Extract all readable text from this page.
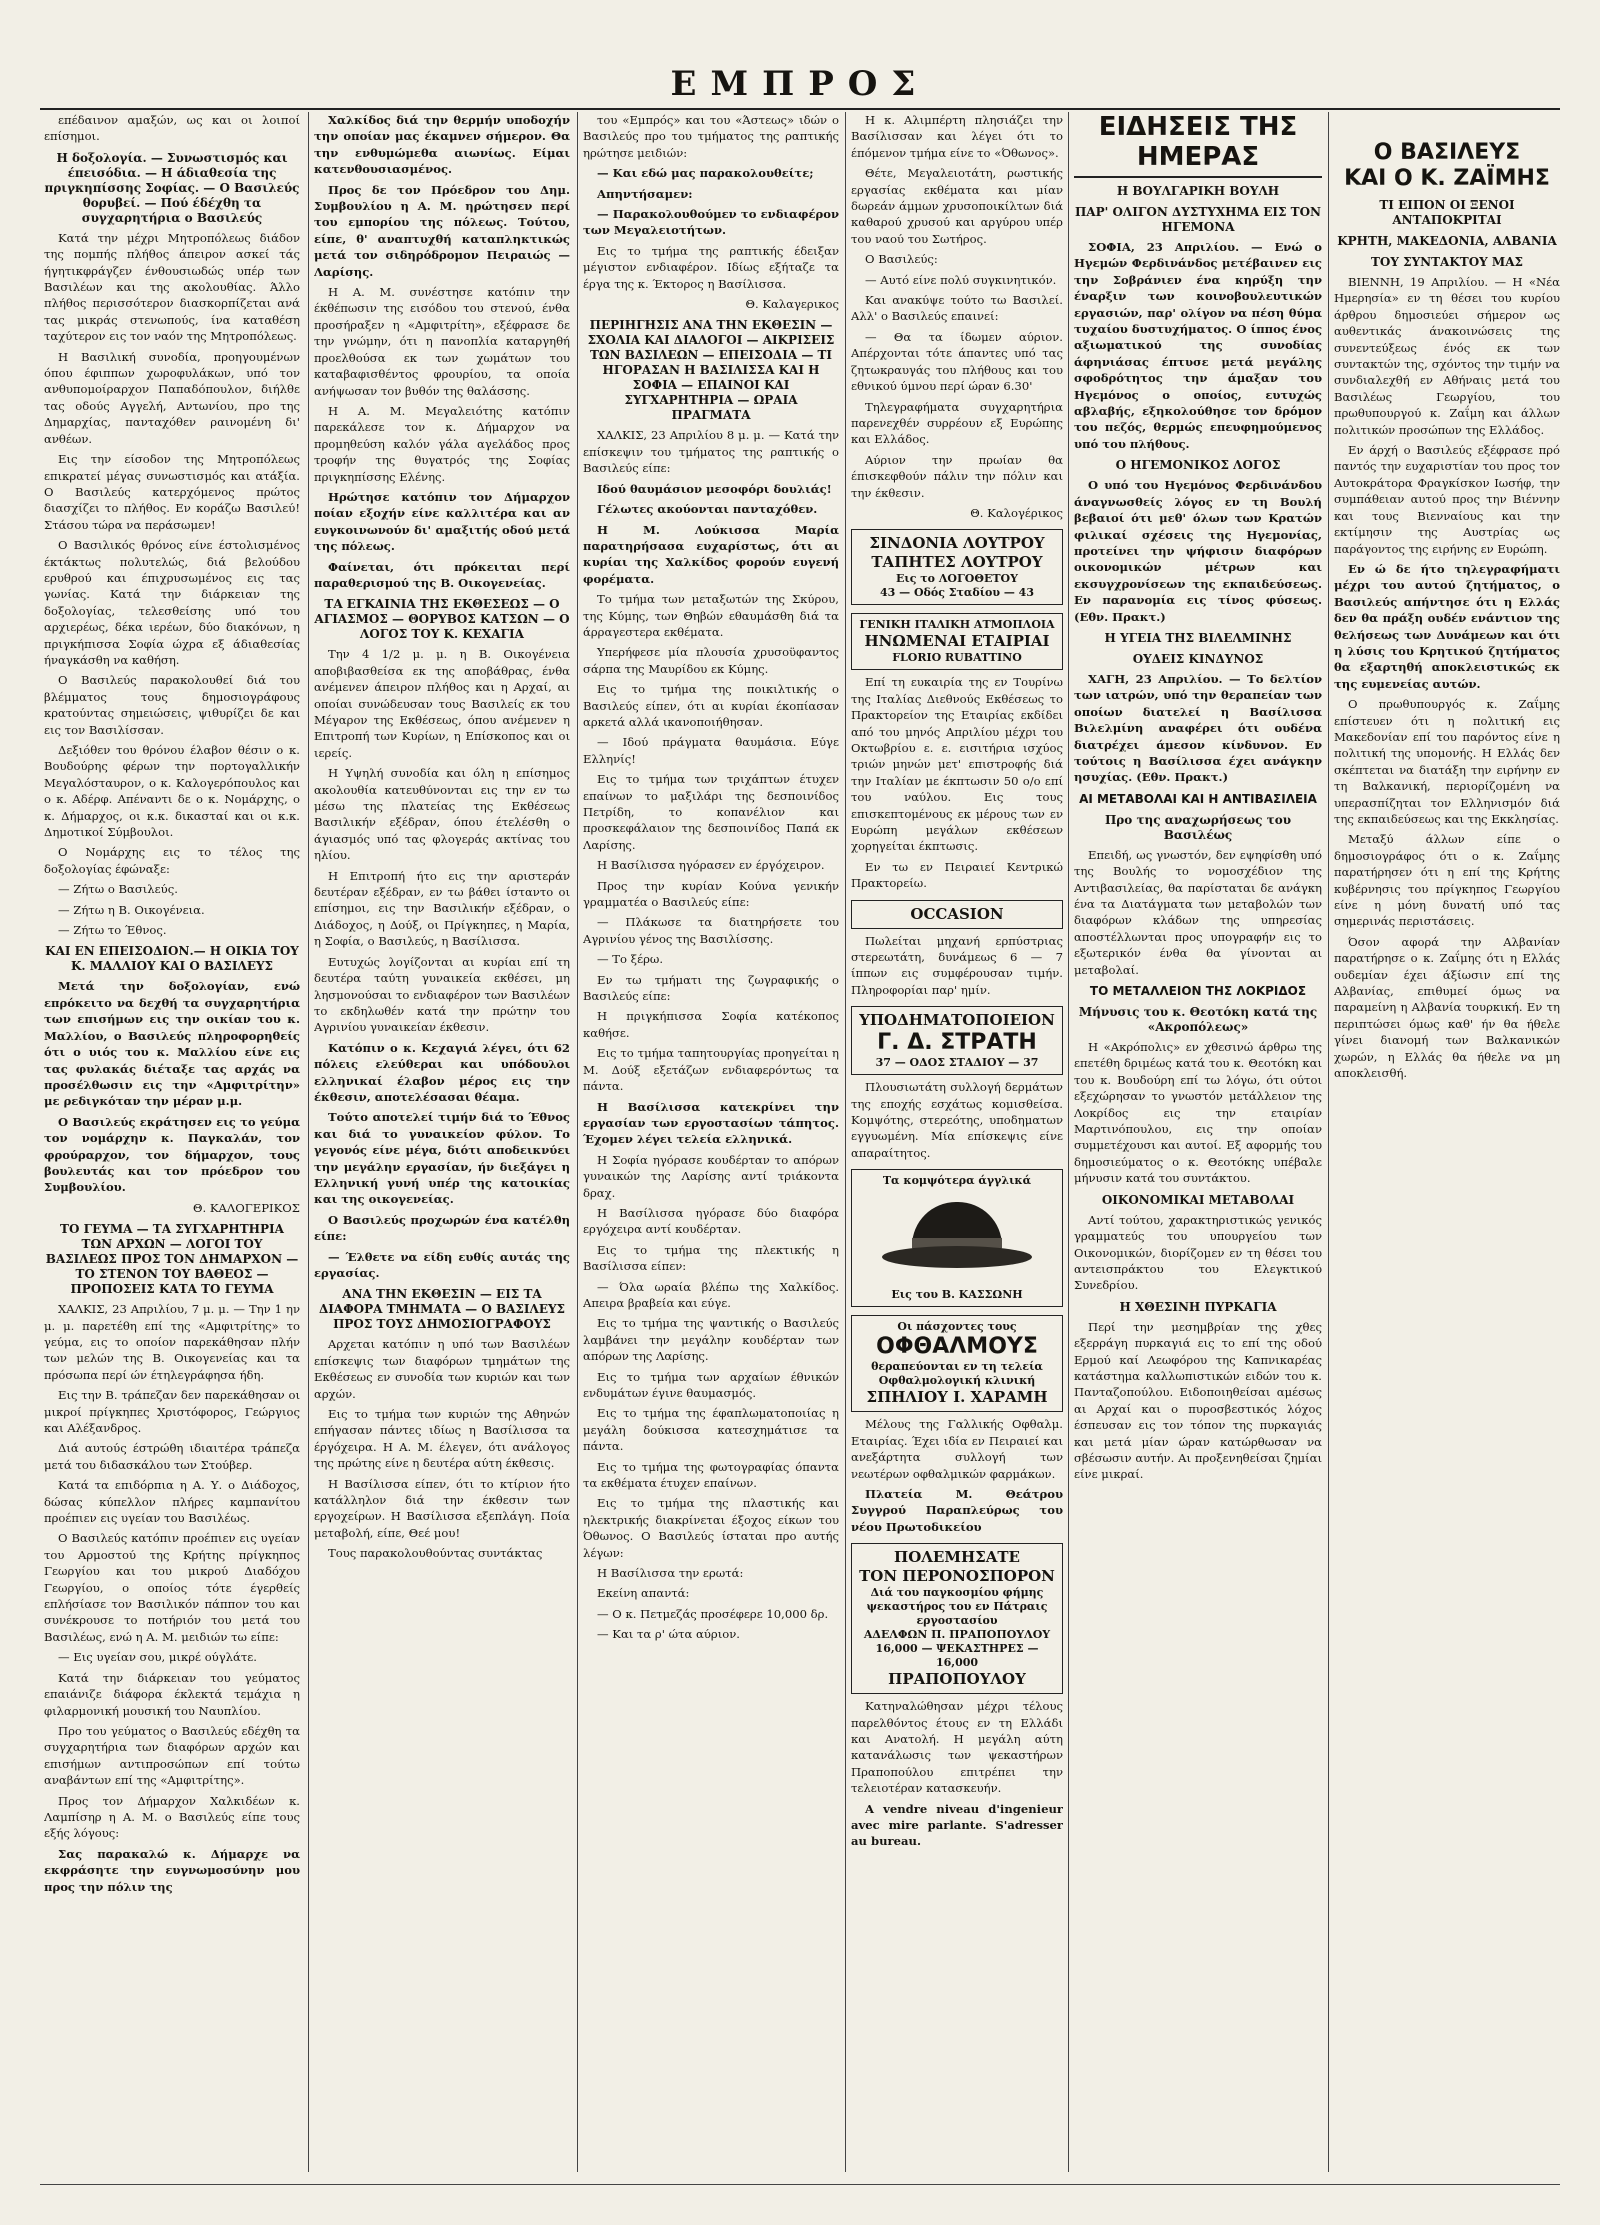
ΕΜΠΡΟΣ

επέδαινον αμαξών, ως και οι λοιποί επίσημοι.

Η δοξολογία. — Συνωστισμός και έπεισόδια. — Η άδιαθεσία της πριγκηπίσσης Σοφίας. — Ο Βασιλεύς θορυβεί. — Πού έδέχθη τα συγχαρητήρια ο Βασιλεύς

Κατά την μέχρι Μητροπόλεως διάδον της πομπής πλήθος άπειρον ασκεί τάς ήγητικφράγζεν ένθουσιωδώς υπέρ των Βασιλέων και της ακολουθίας. Άλλο πλήθος περισσότερον διασκορπίζεται ανά τας μικράς στενωπούς, ίνα καταθέση ταχύτερον εις τον ναόν της Μητροπόλεως.

Η Βασιλική συνοδία, προηγουμένων όπου έφιππων χωροφυλάκων, υπό τον ανθυπομοίραρχον Παπαδόπουλον, διήλθε τας οδούς Αγγελή, Αντωνίου, προ της Δημαρχίας, πανταχόθεν ραινομένη δι' ανθέων.

Εις την είσοδον της Μητροπόλεως επικρατεί μέγας συνωστισμός και ατάξία. Ο Βασιλεύς κατερχόμενος πρώτος διασχίζει το πλήθος. Εν κοράζω Βασιλεύ! Στάσου τώρα να περάσωμεν!

Ο Βασιλικός θρόνος είνε έστολισμένος έκτάκτως πολυτελώς, διά βελούδου ερυθρού και έπιχρυσωμένος εις τας γωνίας. Κατά την διάρκειαν της δοξολογίας, τελεσθείσης υπό του αρχιερέως, δέκα ιερέων, δύο διακόνων, η πριγκήπισσα Σοφία ώχρα εξ άδιαθεσίας ήναγκάσθη να καθήση.

Ο Βασιλεύς παρακολουθεί διά του βλέμματος τους δημοσιογράφους κρατούντας σημειώσεις, ψιθυρίζει δε και εις τον Βασιλίσσαν.

Δεξιόθεν του θρόνου έλαβον θέσιν ο κ. Βουδούρης φέρων την πορτογαλλικήν Μεγαλόσταυρον, ο κ. Καλογερόπουλος και ο κ. Αδέρφ. Απέναντι δε ο κ. Νομάρχης, ο κ. Δήμαρχος, οι κ.κ. δικασταί και οι κ.κ. Δημοτικοί Σύμβουλοι.

Ο Νομάρχης εις το τέλος της δοξολογίας έφώναξε:

— Ζήτω ο Βασιλεύς.

— Ζήτω η Β. Οικογένεια.

— Ζήτω το Έθνος.

ΚΑΙ ΕΝ ΕΠΕΙΣΟΔΙΟΝ.— Η ΟΙΚΙΑ ΤΟΥ Κ. ΜΑΛΛΙΟΥ ΚΑΙ Ο ΒΑΣΙΛΕΥΣ

Μετά την δοξολογίαν, ενώ επρόκειτο να δεχθή τα συγχαρητήρια των επισήμων εις την οικίαν του κ. Μαλλίου, ο Βασιλεύς πληροφορηθείς ότι ο υιός του κ. Μαλλίου είνε εις τας φυλακάς διέταξε τας αρχάς να προσέλθωσιν εις την «Αμφιτρίτην» με ρεδιγκόταν την μέραν μ.μ.

Ο Βασιλεύς εκράτησεν εις το γεύμα τον νομάρχην κ. Παγκαλάν, τον φρούραρχον, τον δήμαρχον, τους βουλευτάς και τον πρόεδρον του Συμβουλίου.

Θ. ΚΑΛΟΓΕΡΙΚΟΣ

ΤΟ ΓΕΥΜΑ — ΤΑ ΣΥΓΧΑΡΗΤΗΡΙΑ ΤΩΝ ΑΡΧΩΝ — ΛΟΓΟΙ ΤΟΥ ΒΑΣΙΛΕΩΣ ΠΡΟΣ ΤΟΝ ΔΗΜΑΡΧΟΝ — ΤΟ ΣΤΕΝΟΝ ΤΟΥ ΒΑΘΕΟΣ — ΠΡΟΠΟΣΕΙΣ ΚΑΤΑ ΤΟ ΓΕΥΜΑ

ΧΑΛΚΙΣ, 23 Απριλίου, 7 μ. μ. — Την 1 ην μ. μ. παρετέθη επί της «Αμφιτρίτης» το γεύμα, εις το οποίον παρεκάθησαν πλήν των μελών της Β. Οικογενείας και τα πρόσωπα περί ών έτηλεγράφησα ήδη.

Εις την Β. τράπεζαν δεν παρεκάθησαν οι μικροί πρίγκηπες Χριστόφορος, Γεώργιος και Αλέξανδρος.

Διά αυτούς έστρώθη ιδιαιτέρα τράπεζα μετά του διδασκάλου των Στούβερ.

Κατά τα επιδόρπια η Α. Υ. ο Διάδοχος, δώσας κύπελλον πλήρες καμπανίτου προέπιεν εις υγείαν του Βασιλέως.

Ο Βασιλεύς κατόπιν προέπιεν εις υγείαν του Αρμοστού της Κρήτης πρίγκηπος Γεωργίου και του μικρού Διαδόχου Γεωργίου, ο οποίος τότε έγερθείς επλήσίασε τον Βασιλικόν πάππον του και συνέκρουσε το ποτήριόν του μετά του Βασιλέως, ενώ η Α. Μ. μειδιών τω είπε:

— Εις υγείαν σου, μικρέ ούγλάτε.

Κατά την διάρκειαν του γεύματος επαιάνιζε διάφορα έκλεκτά τεμάχια η φιλαρμονική μουσική του Ναυπλίου.

Προ του γεύματος ο Βασιλεύς εδέχθη τα συγχαρητήρια των διαφόρων αρχών και επισήμων αντιπροσώπων επί τούτω αναβάντων επί της «Αμφιτρίτης».

Προς τον Δήμαρχον Χαλκιδέων κ. Λαμπίσηρ η Α. Μ. ο Βασιλεύς είπε τους εξής λόγους:

Σας παρακαλώ κ. Δήμαρχε να εκφράσητε την ευγνωμοσύνην μου προς την πόλιν της

Χαλκίδος διά την θερμήν υποδοχήν την οποίαν μας έκαμνεν σήμερον. Θα την ενθυμώμεθα αιωνίως. Είμαι κατενθουσιασμένος.

Προς δε τον Πρόεδρον του Δημ. Συμβουλίου η Α. Μ. ηρώτησεν περί του εμπορίου της πόλεως. Τούτου, είπε, θ' αναπτυχθή καταπληκτικώς μετά τον σιδηρόδρομον Πειραιώς — Λαρίσης.

Η Α. Μ. συνέστησε κατόπιν την έκθέπωσιν της εισόδου του στενού, ένθα προσήραξεν η «Αμφιτρίτη», εξέφρασε δε την γνώμην, ότι η πανοπλία καταργηθή προελθούσα εκ των χωμάτων του καταβαφισθέντος φρουρίου, τα οποία ανήψωσαν τον βυθόν της θαλάσσης.

Η Α. Μ. Μεγαλειότης κατόπιν παρεκάλεσε τον κ. Δήμαρχον να προμηθεύση καλόν γάλα αγελάδος προς τροφήν της θυγατρός της Σοφίας πριγκηπίσσης Ελένης.

Ηρώτησε κατόπιν τον Δήμαρχον ποίαν εξοχήν είνε καλλιτέρα και αν ευγκοινωνούν δι' αμαξιτής οδού μετά της πόλεως.

Φαίνεται, ότι πρόκειται περί παραθερισμού της Β. Οικογενείας.

ΤΑ ΕΓΚΑΙΝΙΑ ΤΗΣ ΕΚΘΕΣΕΩΣ — Ο ΑΓΙΑΣΜΟΣ — ΘΟΡΥΒΟΣ ΚΑΤΣΩΝ — Ο ΛΟΓΟΣ ΤΟΥ Κ. ΚΕΧΑΓΙΑ

Την 4 1/2 μ. μ. η Β. Οικογένεια αποβιβασθείσα εκ της αποβάθρας, ένθα ανέμενεν άπειρον πλήθος και η Αρχαί, αι οποίαι συνώδευσαν τους Βασιλείς εκ του Μέγαρον της Εκθέσεως, όπου ανέμενεν η Επιτροπή των Κυρίων, η Επίσκοπος και οι ιερείς.

Η Υψηλή συνοδία και όλη η επίσημος ακολουθία κατευθύνονται εις την εν τω μέσω της πλατείας της Εκθέσεως Βασιλικήν εξέδραν, όπου έτελέσθη ο άγιασμός υπό τας φλογεράς ακτίνας του ηλίου.

Η Επιτροπή ήτο εις την αριστεράν δευτέραν εξέδραν, εν τω βάθει ίσταντο οι επίσημοι, εις την Βασιλικήν εξέδραν, ο Διάδοχος, η Δούξ, οι Πρίγκηπες, η Μαρία, η Σοφία, ο Βασιλεύς, η Βασίλισσα.

Ευτυχώς λογίζονται αι κυρίαι επί τη δευτέρα ταύτη γυναικεία εκθέσει, μη λησμονούσαι το ενδιαφέρον των Βασιλέων το εκδηλωθέν κατά την πρώτην του Αγρινίου γυναικείαν έκθεσιν.

Κατόπιν ο κ. Κεχαγιά λέγει, ότι 62 πόλεις ελεύθεραι και υπόδουλοι ελληνικαί έλαβον μέρος εις την έκθεσιν, αποτελέσασαι θέαμα.

Τούτο αποτελεί τιμήν διά το Έθνος και διά το γυναικείον φύλον. Το γεγονός είνε μέγα, διότι αποδεικνύει την μεγάλην εργασίαν, ήν διεξάγει η Ελληνική γυνή υπέρ της κατοικίας και της οικογενείας.

Ο Βασιλεύς προχωρών ένα κατέλθη είπε:

— Έλθετε να είδη ευθίς αυτάς της εργασίας.

ΑΝΑ ΤΗΝ ΕΚΘΕΣΙΝ — ΕΙΣ ΤΑ ΔΙΑΦΟΡΑ ΤΜΗΜΑΤΑ — Ο ΒΑΣΙΛΕΥΣ ΠΡΟΣ ΤΟΥΣ ΔΗΜΟΣΙΟΓΡΑΦΟΥΣ

Αρχεται κατόπιν η υπό των Βασιλέων επίσκεψις των διαφόρων τμημάτων της Εκθέσεως εν συνοδία των κυριών και των αρχών.

Εις το τμήμα των κυριών της Αθηνών επήγασαν πάντες ιδίως η Βασίλισσα τα έργόχειρα. Η Α. Μ. έλεγεν, ότι ανάλογος της πρώτης είνε η δευτέρα αύτη έκθεσις.

Η Βασίλισσα είπεν, ότι το κτίριον ήτο κατάλληλον διά την έκθεσιν των εργοχείρων. Η Βασίλισσα εξεπλάγη. Ποία μεταβολή, είπε, Θεέ μου!

Τους παρακολουθούντας συντάκτας

του «Εμπρός» και του «Άστεως» ιδών ο Βασιλεύς προ του τμήματος της ραπτικής ηρώτησε μειδιών:

— Και εδώ μας παρακολουθείτε;

Απηντήσαμεν:

— Παρακολουθούμεν το ενδιαφέρον των Μεγαλειοτήτων.

Εις το τμήμα της ραπτικής έδειξαν μέγιστον ενδιαφέρον. Ιδίως εξήταζε τα έργα της κ. Έκτορος η Βασίλισσα.

Θ. Καλαγερικος

ΠΕΡΙΗΓΗΣΙΣ ΑΝΑ ΤΗΝ ΕΚΘΕΣΙΝ — ΣΧΟΛΙΑ ΚΑΙ ΔΙΑΛΟΓΟΙ — ΑΙΚΡΙΣΕΙΣ ΤΩΝ ΒΑΣΙΛΕΩΝ — ΕΠΕΙΣΟΔΙΑ — ΤΙ ΗΓΟΡΑΣΑΝ Η ΒΑΣΙΛΙΣΣΑ ΚΑΙ Η ΣΟΦΙΑ — ΕΠΑΙΝΟΙ ΚΑΙ ΣΥΓΧΑΡΗΤΗΡΙΑ — ΩΡΑΙΑ ΠΡΑΓΜΑΤΑ

ΧΑΛΚΙΣ, 23 Απριλίου 8 μ. μ. — Κατά την επίσκεψιν του τμήματος της ραπτικής ο Βασιλεύς είπε:

Ιδού θαυμάσιον μεσοφόρι δουλιάς!

Γέλωτες ακούονται πανταχόθεν.

Η Μ. Λούκισσα Μαρία παρατηρήσασα ευχαρίστως, ότι αι κυρίαι της Χαλκίδος φορούν ευγενή φορέματα.

Το τμήμα των μεταξωτών της Σκύρου, της Κύμης, των Θηβών εθαυμάσθη διά τα άρραγεστερα εκθέματα.

Υπερήφεσε μία πλουσία χρυσοϋφαντος σάρπα της Μαυρίδου εκ Κύμης.

Εις το τμήμα της ποικιλτικής ο Βασιλεύς είπεν, ότι αι κυρίαι έκοπίασαν αρκετά αλλά ικανοποιήθησαν.

— Ιδού πράγματα θαυμάσια. Εύγε Ελληνίς!

Εις το τμήμα των τριχάπτων έτυχεν επαίνων το μαξιλάρι της δεσποινίδος Πετρίδη, το κοπανέλιον και προσκεφάλαιον της δεσποινίδος Παπά εκ Λαρίσης.

Η Βασίλισσα ηγόρασεν εν έργόχειρον.

Προς την κυρίαν Κούνα γενικήν γραμματέα ο Βασιλεύς είπε:

— Πλάκωσε τα διατηρήσετε του Αγρινίου γένος της Βασιλίσσης.

— Το ξέρω.

Εν τω τμήματι της ζωγραφικής ο Βασιλεύς είπε:

Η πριγκήπισσα Σοφία κατέκοπος καθήσε.

Εις το τμήμα ταπητουργίας προηγείται η Μ. Δούξ εξετάζων ενδιαφερόντως τα πάντα.

Η Βασίλισσα κατεκρίνει την εργασίαν των εργοστασίων τάπητος. Έχομεν λέγει τελεία ελληνικά.

Η Σοφία ηγόρασε κουδέρταν το απόρων γυναικών της Λαρίσης αντί τριάκοντα δραχ.

Η Βασίλισσα ηγόρασε δύο διαφόρα εργόχειρα αντί κουδέρταν.

Εις το τμήμα της πλεκτικής η Βασίλισσα είπεν:

— Όλα ωραία βλέπω της Χαλκίδος. Απειρα βραβεία και εύγε.

Εις το τμήμα της ψαντικής ο Βασιλεύς λαμβάνει την μεγάλην κουδέρταν των απόρων της Λαρίσης.

Εις το τμήμα των αρχαίων έθνικών ενδυμάτων έγινε θαυμασμός.

Εις το τμήμα της έφαπλωματοποιίας η μεγάλη δούκισσα κατεσχημάτισε τα πάντα.

Εις το τμήμα της φωτογραφίας όπαντα τα εκθέματα έτυχεν επαίνων.

Εις το τμήμα της πλαστικής και ηλεκτρικής διακρίνεται έξοχος είκων του Όθωνος. Ο Βασιλεύς ίσταται προ αυτής λέγων:

Η Βασίλισσα την ερωτά:

Εκείνη απαντά:

— Ο κ. Πετμεζάς προσέφερε 10,000 δρ.

— Και τα ρ' ώτα αύριον.

Η κ. Αλιμπέρτη πλησιάζει την Βασίλισσαν και λέγει ότι το έπόμενον τμήμα είνε το «Όθωνος».

Θέτε, Μεγαλειοτάτη, ρωστικής εργασίας εκθέματα και μίαν δωρεάν άμμων χρυσοποικίλτων διά καθαρού χρυσού και αργύρου υπέρ του ναού του Σωτήρος.

Ο Βασιλεύς:

— Αυτό είνε πολύ συγκινητικόν.

Και ανακύψε τούτο τω Βασιλεί. Αλλ' ο Βασιλεύς επαινεί:

— Θα τα ίδωμεν αύριον. Απέρχονται τότε άπαντες υπό τας ζητωκραυγάς του πλήθους και του εθνικού ύμνου περί ώραν 6.30'

Τηλεγραφήματα συγχαρητήρια παρενεχθέν συρρέουν εξ Ευρώπης και Ελλάδος.

Αύριον την πρωίαν θα έπισκεφθούν πάλιν την πόλιν και την έκθεσιν.

Θ. Καλογέρικος

ΣΙΝΔΟΝΙΑ ΛΟΥΤΡΟΥ
ΤΑΠΗΤΕΣ ΛΟΥΤΡΟΥ
Εις το ΛΟΓΟΘΕΤΟΥ
43 — Οδός Σταδίου — 43
ΓΕΝΙΚΗ ΙΤΑΛΙΚΗ ΑΤΜΟΠΛΟΙΑ
ΗΝΩΜΕΝΑΙ ΕΤΑΙΡΙΑΙ
FLORIO RUBATTINO

Επί τη ευκαιρία της εν Τουρίνω της Ιταλίας Διεθνούς Εκθέσεως το Πρακτορείον της Εταιρίας εκδίδει από του μηνός Απριλίου μέχρι του Οκτωβρίου ε. ε. εισιτήρια ισχύος τριών μηνών μετ' επιστροφής διά την Ιταλίαν με έκπτωσιν 50 ο/ο επί του ναύλου. Εις τους επισκεπτομένους εκ μέρους των εν Ευρώπη μεγάλων εκθέσεων χορηγείται έκπτωσις.

Εν τω εν Πειραιεί Κεντρικώ Πρακτορείω.

OCCASION

Πωλείται μηχανή ερπύστριας στερεωτάτη, δυνάμεως 6 — 7 ίππων εις συμφέρουσαν τιμήν. Πληροφορίαι παρ' ημίν.

ΥΠΟΔΗΜΑΤΟΠΟΙΕΙΟΝ
Γ. Δ. ΣΤΡΑΤΗ
37 — ΟΔΟΣ ΣΤΑΔΙΟΥ — 37

Πλουσιωτάτη συλλογή δερμάτων της εποχής εσχάτως κομισθείσα. Κομψότης, στερεότης, υποδηματων εγγυωμένη. Μία επίσκεψις είνε απαραίτητος.

Τα κομψότερα άγγλικά
Εις του Β. ΚΑΣΣΩΝΗ
Οι πάσχοντες τους
ΟΦΘΑΛΜΟΥΣ
θεραπεύονται εν τη τελεία Οφθαλμολογική κλινική
ΣΠΗΛΙΟΥ Ι. ΧΑΡΑΜΗ

Μέλους της Γαλλικής Οφθαλμ. Εταιρίας. Έχει ιδία εν Πειραιεί και ανεξάρτητα συλλογή των νεωτέρων οφθαλμικών φαρμάκων.

Πλατεία Μ. Θεάτρου Συγγρού Παραπλεύρως του νέου Πρωτοδικείου

ΠΟΛΕΜΗΣΑΤΕ
ΤΟΝ ΠΕΡΟΝΟΣΠΟΡΟΝ
Διά του παγκοσμίου φήμης ψεκαστήρος του εν Πάτραις εργοστασίου
ΑΔΕΛΦΩΝ Π. ΠΡΑΠΟΠΟΥΛΟΥ
16,000 — ΨΕΚΑΣΤΗΡΕΣ — 16,000
ΠΡΑΠΟΠΟΥΛΟΥ

Κατηναλώθησαν μέχρι τέλους παρελθόντος έτους εν τη Ελλάδι και Ανατολή. Η μεγάλη αύτη κατανάλωσις των ψεκαστήρων Πραποπούλου επιτρέπει την τελειοτέραν κατασκευήν.

A vendre niveau d'ingenieur avec mire parlante. S'adresser au bureau.

ΕΙΔΗΣΕΙΣ ΤΗΣ ΗΜΕΡΑΣ

Η ΒΟΥΛΓΑΡΙΚΗ ΒΟΥΛΗ

ΠΑΡ' ΟΛΙΓΟΝ ΔΥΣΤΥΧΗΜΑ ΕΙΣ ΤΟΝ ΗΓΕΜΟΝΑ

ΣΟΦΙΑ, 23 Απριλίου. — Ενώ ο Ηγεμών Φερδινάνδος μετέβαινεν εις την Σοβράνιεν ένα κηρύξη την έναρξιν των κοινοβουλευτικών εργασιών, παρ' ολίγον να πέση θύμα τυχαίου δυστυχήματος. Ο ίππος ένος αξιωματικού της συνοδίας άφηνιάσας έπτυσε μετά μεγάλης σφοδρότητος την άμαξαν του Ηγεμόνος ο οποίος, ευτυχώς αβλαβής, εξηκολούθησε τον δρόμον του πεζός, θερμώς επευφημούμενος υπό του πλήθους.

Ο ΗΓΕΜΟΝΙΚΟΣ ΛΟΓΟΣ

Ο υπό του Ηγεμόνος Φερδινάνδου άναγνωσθείς λόγος εν τη Βουλή βεβαιοί ότι μεθ' όλων των Κρατών φιλικαί σχέσεις της Ηγεμονίας, προτείνει την ψήφισιν διαφόρων οικονομικών μέτρων και εκσυγχρονίσεων της εκπαιδεύσεως. Εν παρανομία εις τίνος φύσεως. (Εθν. Πρακτ.)

Η ΥΓΕΙΑ ΤΗΣ ΒΙΛΕΛΜΙΝΗΣ

ΟΥΔΕΙΣ ΚΙΝΔΥΝΟΣ

ΧΑΓΗ, 23 Απριλίου. — Το δελτίον των ιατρών, υπό την θεραπείαν των οποίων διατελεί η Βασίλισσα Βιλελμίνη αναφέρει ότι ουδένα διατρέχει άμεσον κίνδυνον. Εν τούτοις η Βασίλισσα έχει ανάγκην ησυχίας. (Εθν. Πρακτ.)

ΑΙ ΜΕΤΑΒΟΛΑΙ ΚΑΙ Η ΑΝΤΙΒΑΣΙΛΕΙΑ

Προ της αναχωρήσεως του Βασιλέως

Επειδή, ως γνωστόν, δεν εψηφίσθη υπό της Βουλής το νομοσχέδιον της Αντιβασιλείας, θα παρίσταται δε ανάγκη ένα τα Διατάγματα των μεταβολών των διαφόρων κλάδων της υπηρεσίας αποστέλλωνται προς υπογραφήν εις το εξωτερικόν ένθα θα γίνονται αι μεταβολαί.

ΤΟ ΜΕΤΑΛΛΕΙΟΝ ΤΗΣ ΛΟΚΡΙΔΟΣ

Μήνυσις του κ. Θεοτόκη κατά της «Ακροπόλεως»

Η «Ακρόπολις» εν χθεσινώ άρθρω της επετέθη δριμέως κατά του κ. Θεοτόκη και του κ. Βουδούρη επί τω λόγω, ότι ούτοι εξεχώρησαν το γνωστόν μετάλλειον της Λοκρίδος εις την εταιρίαν Μαρτινόπουλου, εις την οποίαν συμμετέχουσι και αυτοί. Εξ αφορμής του δημοσιεύματος ο κ. Θεοτόκης υπέβαλε μήνυσιν κατά του συντάκτου.

ΟΙΚΟΝΟΜΙΚΑΙ ΜΕΤΑΒΟΛΑΙ

Αντί τούτου, χαρακτηριστικώς γενικός γραμματεύς του υπουργείου των Οικονομικών, διορίζομεν εν τη θέσει του αντεισπράκτου του Ελεγκτικού Συνεδρίου.

Η ΧΘΕΣΙΝΗ ΠΥΡΚΑΓΙΑ

Περί την μεσημβρίαν της χθες εξερράγη πυρκαγιά εις το επί της οδού Ερμού καί Λεωφόρου της Καπνικαρέας κατάστημα καλλωπιστικών ειδών του κ. Πανταζοπούλου. Ειδοποιηθείσαι αμέσως αι Αρχαί και ο πυροσβεστικός λόχος έσπευσαν εις τον τόπον της πυρκαγιάς και μετά μίαν ώραν κατώρθωσαν να σβέσωσιν αυτήν. Αι προξενηθείσαι ζημίαι είνε μικραί.

Ο ΒΑΣΙΛΕΥΣ
ΚΑΙ Ο Κ. ΖΑΪΜΗΣ

ΤΙ ΕΙΠΟΝ ΟΙ ΞΕΝΟΙ ΑΝΤΑΠΟΚΡΙΤΑΙ

ΚΡΗΤΗ, ΜΑΚΕΔΟΝΙΑ, ΑΛΒΑΝΙΑ

ΤΟΥ ΣΥΝΤΑΚΤΟΥ ΜΑΣ

ΒΙΕΝΝΗ, 19 Απριλίου. — Η «Νέα Ημερησία» εν τη θέσει του κυρίου άρθρου δημοσιεύει σήμερον ως αυθεντικάς άνακοινώσεις της συνεντεύξεως ένός εκ των συντακτών της, σχόντος την τιμήν να συνδιαλεχθή εν Αθήναις μετά του Βασιλέως Γεωργίου, του πρωθυπουργού κ. Ζαΐμη και άλλων πολιτικών προσώπων της Ελλάδος.

Εν άρχή ο Βασιλεύς εξέφρασε πρό παντός την ευχαριστίαν του προς τον Αυτοκράτορα Φραγκίσκον Ιωσήφ, την συμπάθειαν αυτού προς την Βιέννην και τους Βιενναίους και την εκτίμησιν της Αυστρίας ως παράγοντος της ειρήνης εν Ευρώπη.

Εν ώ δε ήτο τηλεγραφήματι μέχρι του αυτού ζητήματος, ο Βασιλεύς απήντησε ότι η Ελλάς δεν θα πράξη ουδέν ενάντιον της θελήσεως των Δυνάμεων και ότι η λύσις του Κρητικού ζητήματος θα εξαρτηθή αποκλειστικώς εκ της ευμενείας αυτών.

Ο πρωθυπουργός κ. Ζαΐμης επίστευεν ότι η πολιτική εις Μακεδονίαν επί του παρόντος είνε η πολιτική της υπομονής. Η Ελλάς δεν σκέπτεται να διατάξη την ειρήνην εν τη Βαλκανική, περιορίζομένη να υπερασπίζηται τον Ελληνισμόν διά της εκπαιδεύσεως και της Εκκλησίας.

Μεταξύ άλλων είπε ο δημοσιογράφος ότι ο κ. Ζαΐμης παρατήρησεν ότι η επί της Κρήτης κυβέρνησις του πρίγκηπος Γεωργίου είνε η μόνη δυνατή υπό τας σημερινάς περιστάσεις.

Όσον αφορά την Αλβανίαν παρατήρησε ο κ. Ζαΐμης ότι η Ελλάς ουδεμίαν έχει άξίωσιν επί της Αλβανίας, επιθυμεί όμως να παραμείνη η Αλβανία τουρκική. Εν τη περιπτώσει όμως καθ' ήν θα ήθελε γίνει διανομή των Βαλκανικών χωρών, η Ελλάς θα ήθελε να μη αποκλεισθή.
